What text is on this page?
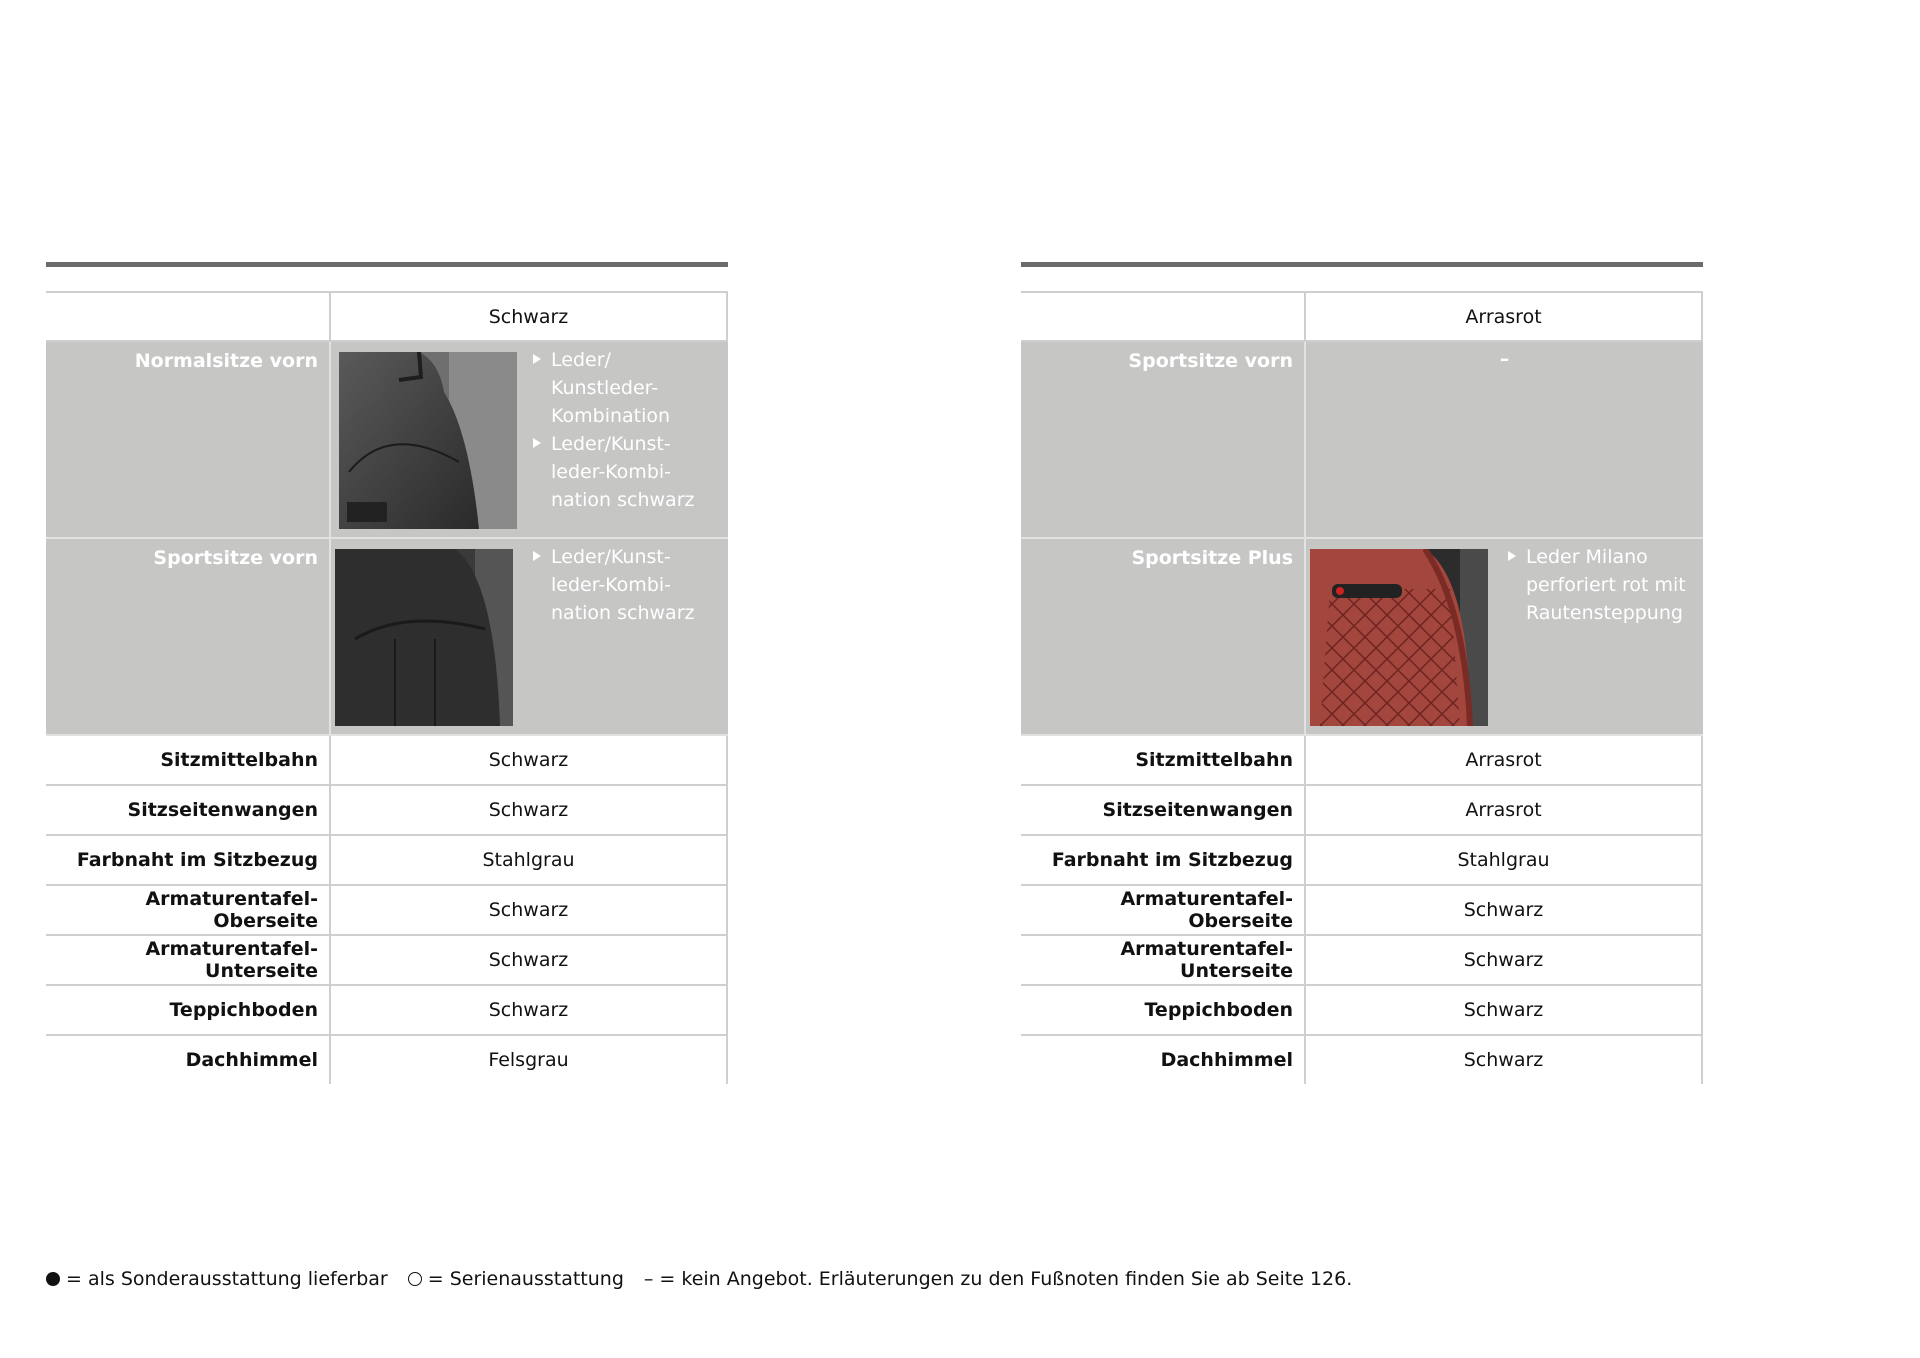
Schwarz
Normalsitze vorn	Leder/ Kunstleder-Kombination
Leder/Kunst-leder-Kombi-nation schwarz
Sportsitze vorn	Leder/Kunst-leder-Kombi-nation schwarz
Sitzmittelbahn	Schwarz
Sitzseitenwangen	Schwarz
Farbnaht im Sitzbezug	Stahlgrau
Armaturentafel-Oberseite	Schwarz
Armaturentafel-Unterseite	Schwarz
Teppichboden	Schwarz
Dachhimmel	Felsgrau
Arrasrot
Sportsitze vorn	–
Sportsitze Plus	Leder Milano perforiert rot mit Rautensteppung
Sitzmittelbahn	Arrasrot
Sitzseitenwangen	Arrasrot
Farbnaht im Sitzbezug	Stahlgrau
Armaturentafel-Oberseite	Schwarz
Armaturentafel-Unterseite	Schwarz
Teppichboden	Schwarz
Dachhimmel	Schwarz
= als Sonderausstattung lieferbar = Serienausstattung – = kein Angebot. Erläuterungen zu den Fußnoten finden Sie ab Seite 126.
